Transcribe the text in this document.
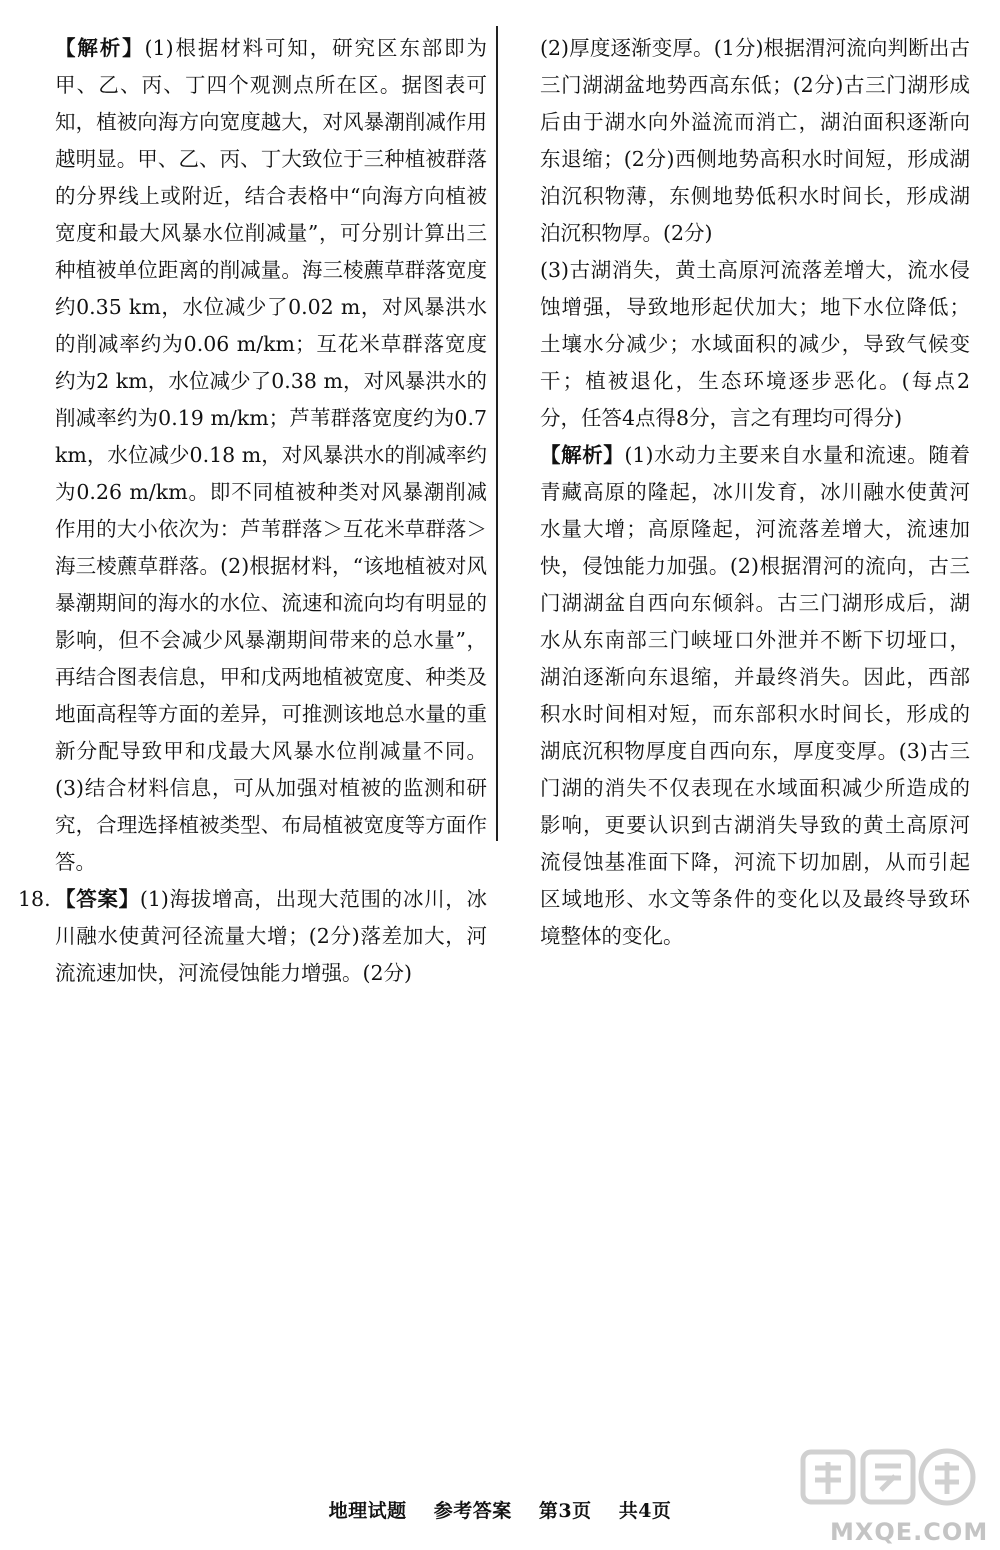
【解析】(1)根据材料可知，研究区东部即为甲、乙、丙、丁四个观测点所在区。据图表可知，植被向海方向宽度越大，对风暴潮削减作用越明显。甲、乙、丙、丁大致位于三种植被群落的分界线上或附近，结合表格中“向海方向植被宽度和最大风暴水位削减量”，可分别计算出三种植被单位距离的削减量。海三棱藨草群落宽度约0.35 km，水位减少了0.02 m，对风暴洪水的削减率约为0.06 m/km；互花米草群落宽度约为2 km，水位减少了0.38 m，对风暴洪水的削减率约为0.19 m/km；芦苇群落宽度约为0.7 km，水位减少0.18 m，对风暴洪水的削减率约为0.26 m/km。即不同植被种类对风暴潮削减作用的大小依次为：芦苇群落＞互花米草群落＞海三棱藨草群落。(2)根据材料，“该地植被对风暴潮期间的海水的水位、流速和流向均有明显的影响，但不会减少风暴潮期间带来的总水量”，再结合图表信息，甲和戊两地植被宽度、种类及地面高程等方面的差异，可推测该地总水量的重新分配导致甲和戊最大风暴水位削减量不同。(3)结合材料信息，可从加强对植被的监测和研究，合理选择植被类型、布局植被宽度等方面作答。

18. 【答案】(1)海拔增高，出现大范围的冰川，冰川融水使黄河径流量大增；(2分)落差加大，河流流速加快，河流侵蚀能力增强。(2分)

(2)厚度逐渐变厚。(1分)根据渭河流向判断出古三门湖湖盆地势西高东低；(2分)古三门湖形成后由于湖水向外溢流而消亡，湖泊面积逐渐向东退缩；(2分)西侧地势高积水时间短，形成湖泊沉积物薄，东侧地势低积水时间长，形成湖泊沉积物厚。(2分)

(3)古湖消失，黄土高原河流落差增大，流水侵蚀增强，导致地形起伏加大；地下水位降低；土壤水分减少；水域面积的减少，导致气候变干；植被退化，生态环境逐步恶化。(每点2分，任答4点得8分，言之有理均可得分)

【解析】(1)水动力主要来自水量和流速。随着青藏高原的隆起，冰川发育，冰川融水使黄河水量大增；高原隆起，河流落差增大，流速加快，侵蚀能力加强。(2)根据渭河的流向，古三门湖湖盆自西向东倾斜。古三门湖形成后，湖水从东南部三门峡垭口外泄并不断下切垭口，湖泊逐渐向东退缩，并最终消失。因此，西部积水时间相对短，而东部积水时间长，形成的湖底沉积物厚度自西向东，厚度变厚。(3)古三门湖的消失不仅表现在水域面积减少所造成的影响，更要认识到古湖消失导致的黄土高原河流侵蚀基准面下降，河流下切加剧，从而引起区域地形、水文等条件的变化以及最终导致环境整体的变化。

地理试题 参考答案 第3页 共4页
MXQE.COM
